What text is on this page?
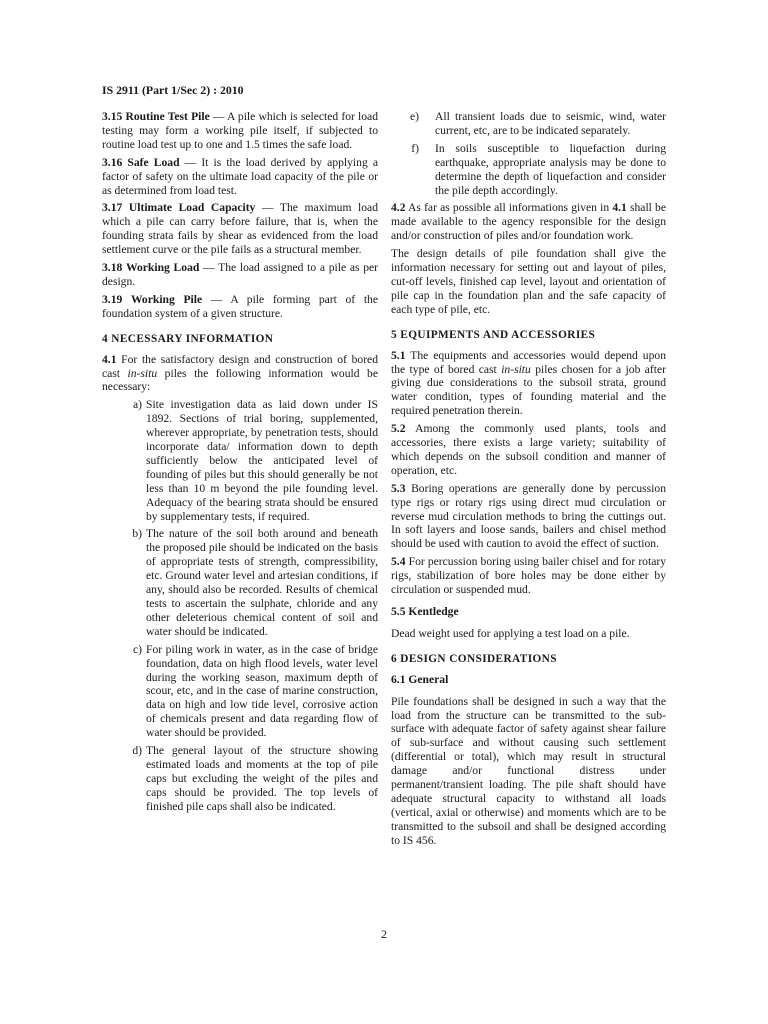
IS 2911 (Part 1/Sec 2) : 2010

3.15 Routine Test Pile — A pile which is selected for load testing may form a working pile itself, if subjected to routine load test up to one and 1.5 times the safe load.

3.16 Safe Load — It is the load derived by applying a factor of safety on the ultimate load capacity of the pile or as determined from load test.

3.17 Ultimate Load Capacity — The maximum load which a pile can carry before failure, that is, when the founding strata fails by shear as evidenced from the load settlement curve or the pile fails as a structural member.

3.18 Working Load — The load assigned to a pile as per design.

3.19 Working Pile — A pile forming part of the foundation system of a given structure.

4 NECESSARY INFORMATION

4.1 For the satisfactory design and construction of bored cast in-situ piles the following information would be necessary:

a) Site investigation data as laid down under IS 1892. Sections of trial boring, supplemented, wherever appropriate, by penetration tests, should incorporate data/ information down to depth sufficiently below the anticipated level of founding of piles but this should generally be not less than 10 m beyond the pile founding level. Adequacy of the bearing strata should be ensured by supplementary tests, if required.
b) The nature of the soil both around and beneath the proposed pile should be indicated on the basis of appropriate tests of strength, compressibility, etc. Ground water level and artesian conditions, if any, should also be recorded. Results of chemical tests to ascertain the sulphate, chloride and any other deleterious chemical content of soil and water should be indicated.
c) For piling work in water, as in the case of bridge foundation, data on high flood levels, water level during the working season, maximum depth of scour, etc, and in the case of marine construction, data on high and low tide level, corrosive action of chemicals present and data regarding flow of water should be provided.
d) The general layout of the structure showing estimated loads and moments at the top of pile caps but excluding the weight of the piles and caps should be provided. The top levels of finished pile caps shall also be indicated.
e)	All transient loads due to seismic, wind, water current, etc, are to be indicated separately.
f)	In soils susceptible to liquefaction during earthquake, appropriate analysis may be done to determine the depth of liquefaction and consider the pile depth accordingly.

4.2 As far as possible all informations given in 4.1 shall be made available to the agency responsible for the design and/or construction of piles and/or foundation work.

The design details of pile foundation shall give the information necessary for setting out and layout of piles, cut-off levels, finished cap level, layout and orientation of pile cap in the foundation plan and the safe capacity of each type of pile, etc.

5 EQUIPMENTS AND ACCESSORIES

5.1 The equipments and accessories would depend upon the type of bored cast in-situ piles chosen for a job after giving due considerations to the subsoil strata, ground water condition, types of founding material and the required penetration therein.

5.2 Among the commonly used plants, tools and accessories, there exists a large variety; suitability of which depends on the subsoil condition and manner of operation, etc.

5.3 Boring operations are generally done by percussion type rigs or rotary rigs using direct mud circulation or reverse mud circulation methods to bring the cuttings out. In soft layers and loose sands, bailers and chisel method should be used with caution to avoid the effect of suction.

5.4 For percussion boring using bailer chisel and for rotary rigs, stabilization of bore holes may be done either by circulation or suspended mud.

5.5 Kentledge

Dead weight used for applying a test load on a pile.

6 DESIGN CONSIDERATIONS
6.1 General

Pile foundations shall be designed in such a way that the load from the structure can be transmitted to the sub-surface with adequate factor of safety against shear failure of sub-surface and without causing such settlement (differential or total), which may result in structural damage and/or functional distress under permanent/transient loading. The pile shaft should have adequate structural capacity to withstand all loads (vertical, axial or otherwise) and moments which are to be transmitted to the subsoil and shall be designed according to IS 456.

2
